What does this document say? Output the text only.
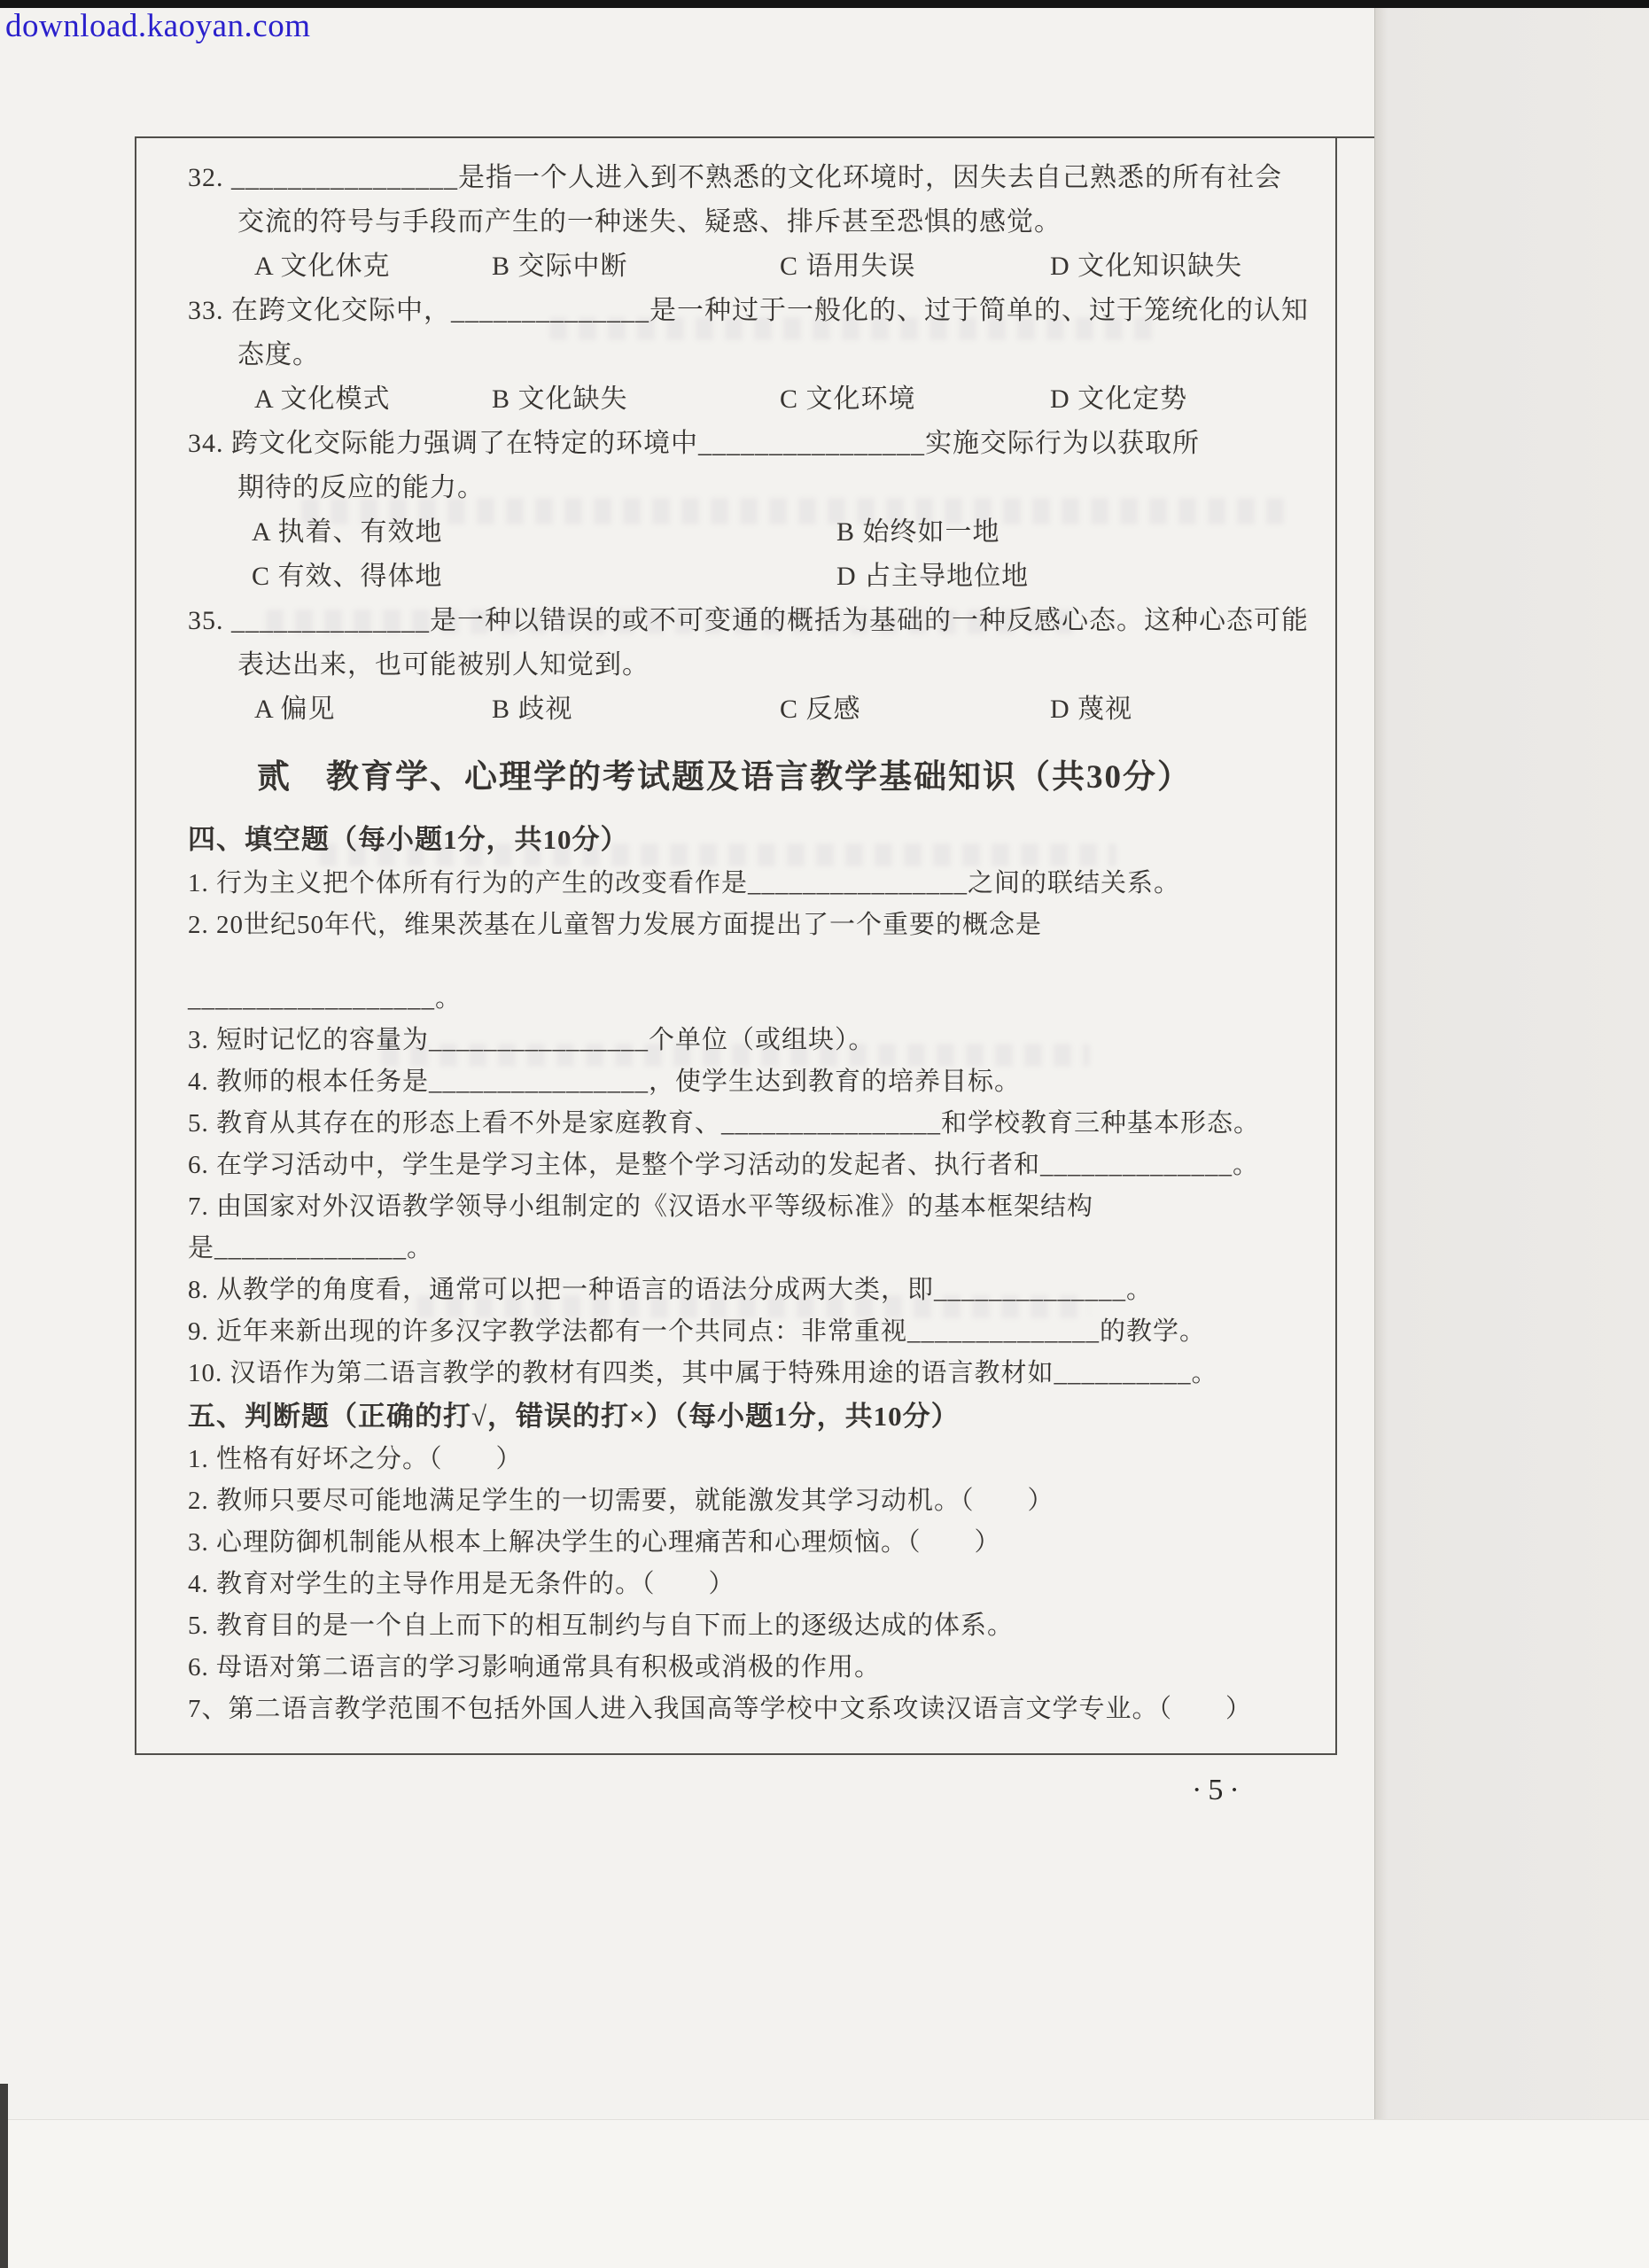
download.kaoyan.com
32. ________________是指一个人进入到不熟悉的文化环境时，因失去自己熟悉的所有社会
交流的符号与手段而产生的一种迷失、疑惑、排斥甚至恐惧的感觉。
A 文化休克	B 交际中断	C 语用失误	D 文化知识缺失
33. 在跨文化交际中，______________是一种过于一般化的、过于简单的、过于笼统化的认知
态度。
A 文化模式	B 文化缺失	C 文化环境	D 文化定势
34. 跨文化交际能力强调了在特定的环境中________________实施交际行为以获取所
期待的反应的能力。
A 执着、有效地	B 始终如一地
C 有效、得体地	D 占主导地位地
35. ______________是一种以错误的或不可变通的概括为基础的一种反感心态。这种心态可能
表达出来，也可能被别人知觉到。
A 偏见	B 歧视	C 反感	D 蔑视
贰　教育学、心理学的考试题及语言教学基础知识（共30分）
四、填空题（每小题1分，共10分）
1. 行为主义把个体所有行为的产生的改变看作是________________之间的联结关系。
2. 20世纪50年代，维果茨基在儿童智力发展方面提出了一个重要的概念是
__________________。
3. 短时记忆的容量为________________个单位（或组块）。
4. 教师的根本任务是________________，使学生达到教育的培养目标。
5. 教育从其存在的形态上看不外是家庭教育、________________和学校教育三种基本形态。
6. 在学习活动中，学生是学习主体，是整个学习活动的发起者、执行者和______________。
7. 由国家对外汉语教学领导小组制定的《汉语水平等级标准》的基本框架结构
是______________。
8. 从教学的角度看，通常可以把一种语言的语法分成两大类，即______________。
9. 近年来新出现的许多汉字教学法都有一个共同点：非常重视______________的教学。
10. 汉语作为第二语言教学的教材有四类，其中属于特殊用途的语言教材如__________。
五、判断题（正确的打√，错误的打×）（每小题1分，共10分）
1. 性格有好坏之分。（　　）
2. 教师只要尽可能地满足学生的一切需要，就能激发其学习动机。（　　）
3. 心理防御机制能从根本上解决学生的心理痛苦和心理烦恼。（　　）
4. 教育对学生的主导作用是无条件的。（　　）
5. 教育目的是一个自上而下的相互制约与自下而上的逐级达成的体系。
6. 母语对第二语言的学习影响通常具有积极或消极的作用。
7、第二语言教学范围不包括外国人进入我国高等学校中文系攻读汉语言文学专业。（　　）
·5·
